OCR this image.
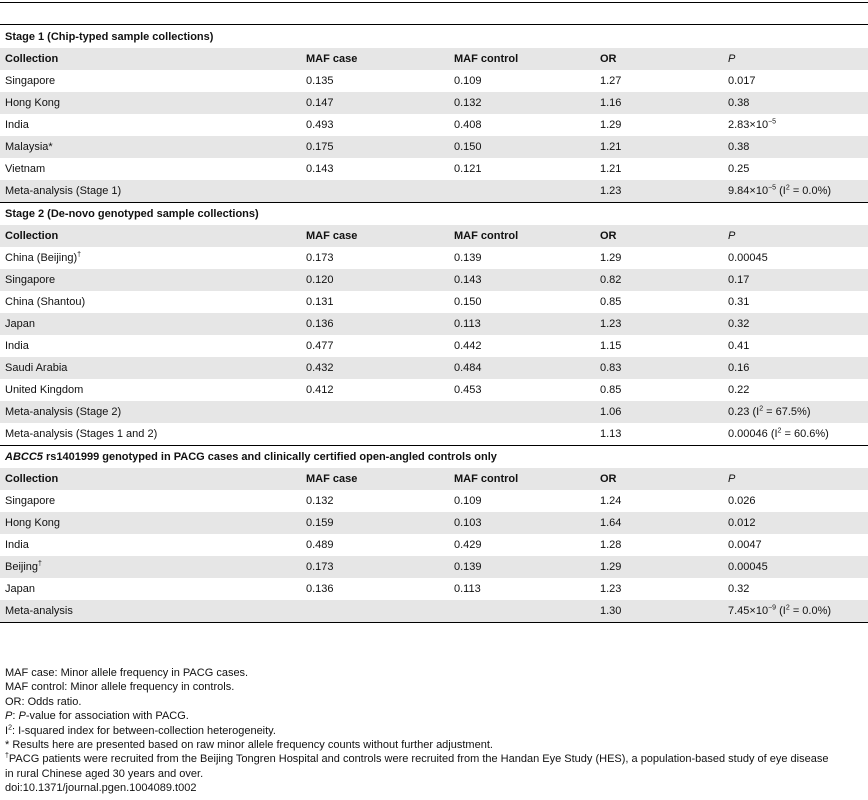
Stage 1 (Chip-typed sample collections)				
Collection	MAF case	MAF control	OR	P
Singapore	0.135	0.109	1.27	0.017
Hong Kong	0.147	0.132	1.16	0.38
India	0.493	0.408	1.29	$2.83\times 10^{-5}$
Malaysia*	0.175	0.150	1.21	0.38
Vietnam	0.143	0.121	1.21	0.25
Meta-analysis (Stage 1)			1.23	$9.84\times 10^{-5}$ $(I^2 = 0.0\%)$
Stage 2 (De-novo genotyped sample collections)				
Collection	MAF case	MAF control	OR	P
China (Beijing)†	0.173	0.139	1.29	0.00045
Singapore	0.120	0.143	0.82	0.17
China (Shantou)	0.131	0.150	0.85	0.31
Japan	0.136	0.113	1.23	0.32
India	0.477	0.442	1.15	0.41
Saudi Arabia	0.432	0.484	0.83	0.16
United Kingdom	0.412	0.453	0.85	0.22
Meta-analysis (Stage 2)			1.06	0.23 $(I^2 = 67.5\%)$
Meta-analysis (Stages 1 and 2)			1.13	0.00046 $(I^2 = 60.6\%)$
ABCC5 rs1401999 genotyped in PACG cases and clinically certified open-angled controls only				
Collection	MAF case	MAF control	OR	P
Singapore	0.132	0.109	1.24	0.026
Hong Kong	0.159	0.103	1.64	0.012
India	0.489	0.429	1.28	0.0047
Beijing†	0.173	0.139	1.29	0.00045
Japan	0.136	0.113	1.23	0.32
Meta-analysis			1.30	$7.45\times 10^{-9}$ $(I^2 = 0.0\%)$
MAF case: Minor allele frequency in PACG cases.
MAF control: Minor allele frequency in controls.
OR: Odds ratio.
P: P-value for association with PACG.
$I^2$: I-squared index for between-collection heterogeneity.
* Results here are presented based on raw minor allele frequency counts without further adjustment.
†PACG patients were recruited from the Beijing Tongren Hospital and controls were recruited from the Handan Eye Study (HES), a population-based study of eye disease
in rural Chinese aged 30 years and over.
doi:10.1371/journal.pgen.1004089.t002
